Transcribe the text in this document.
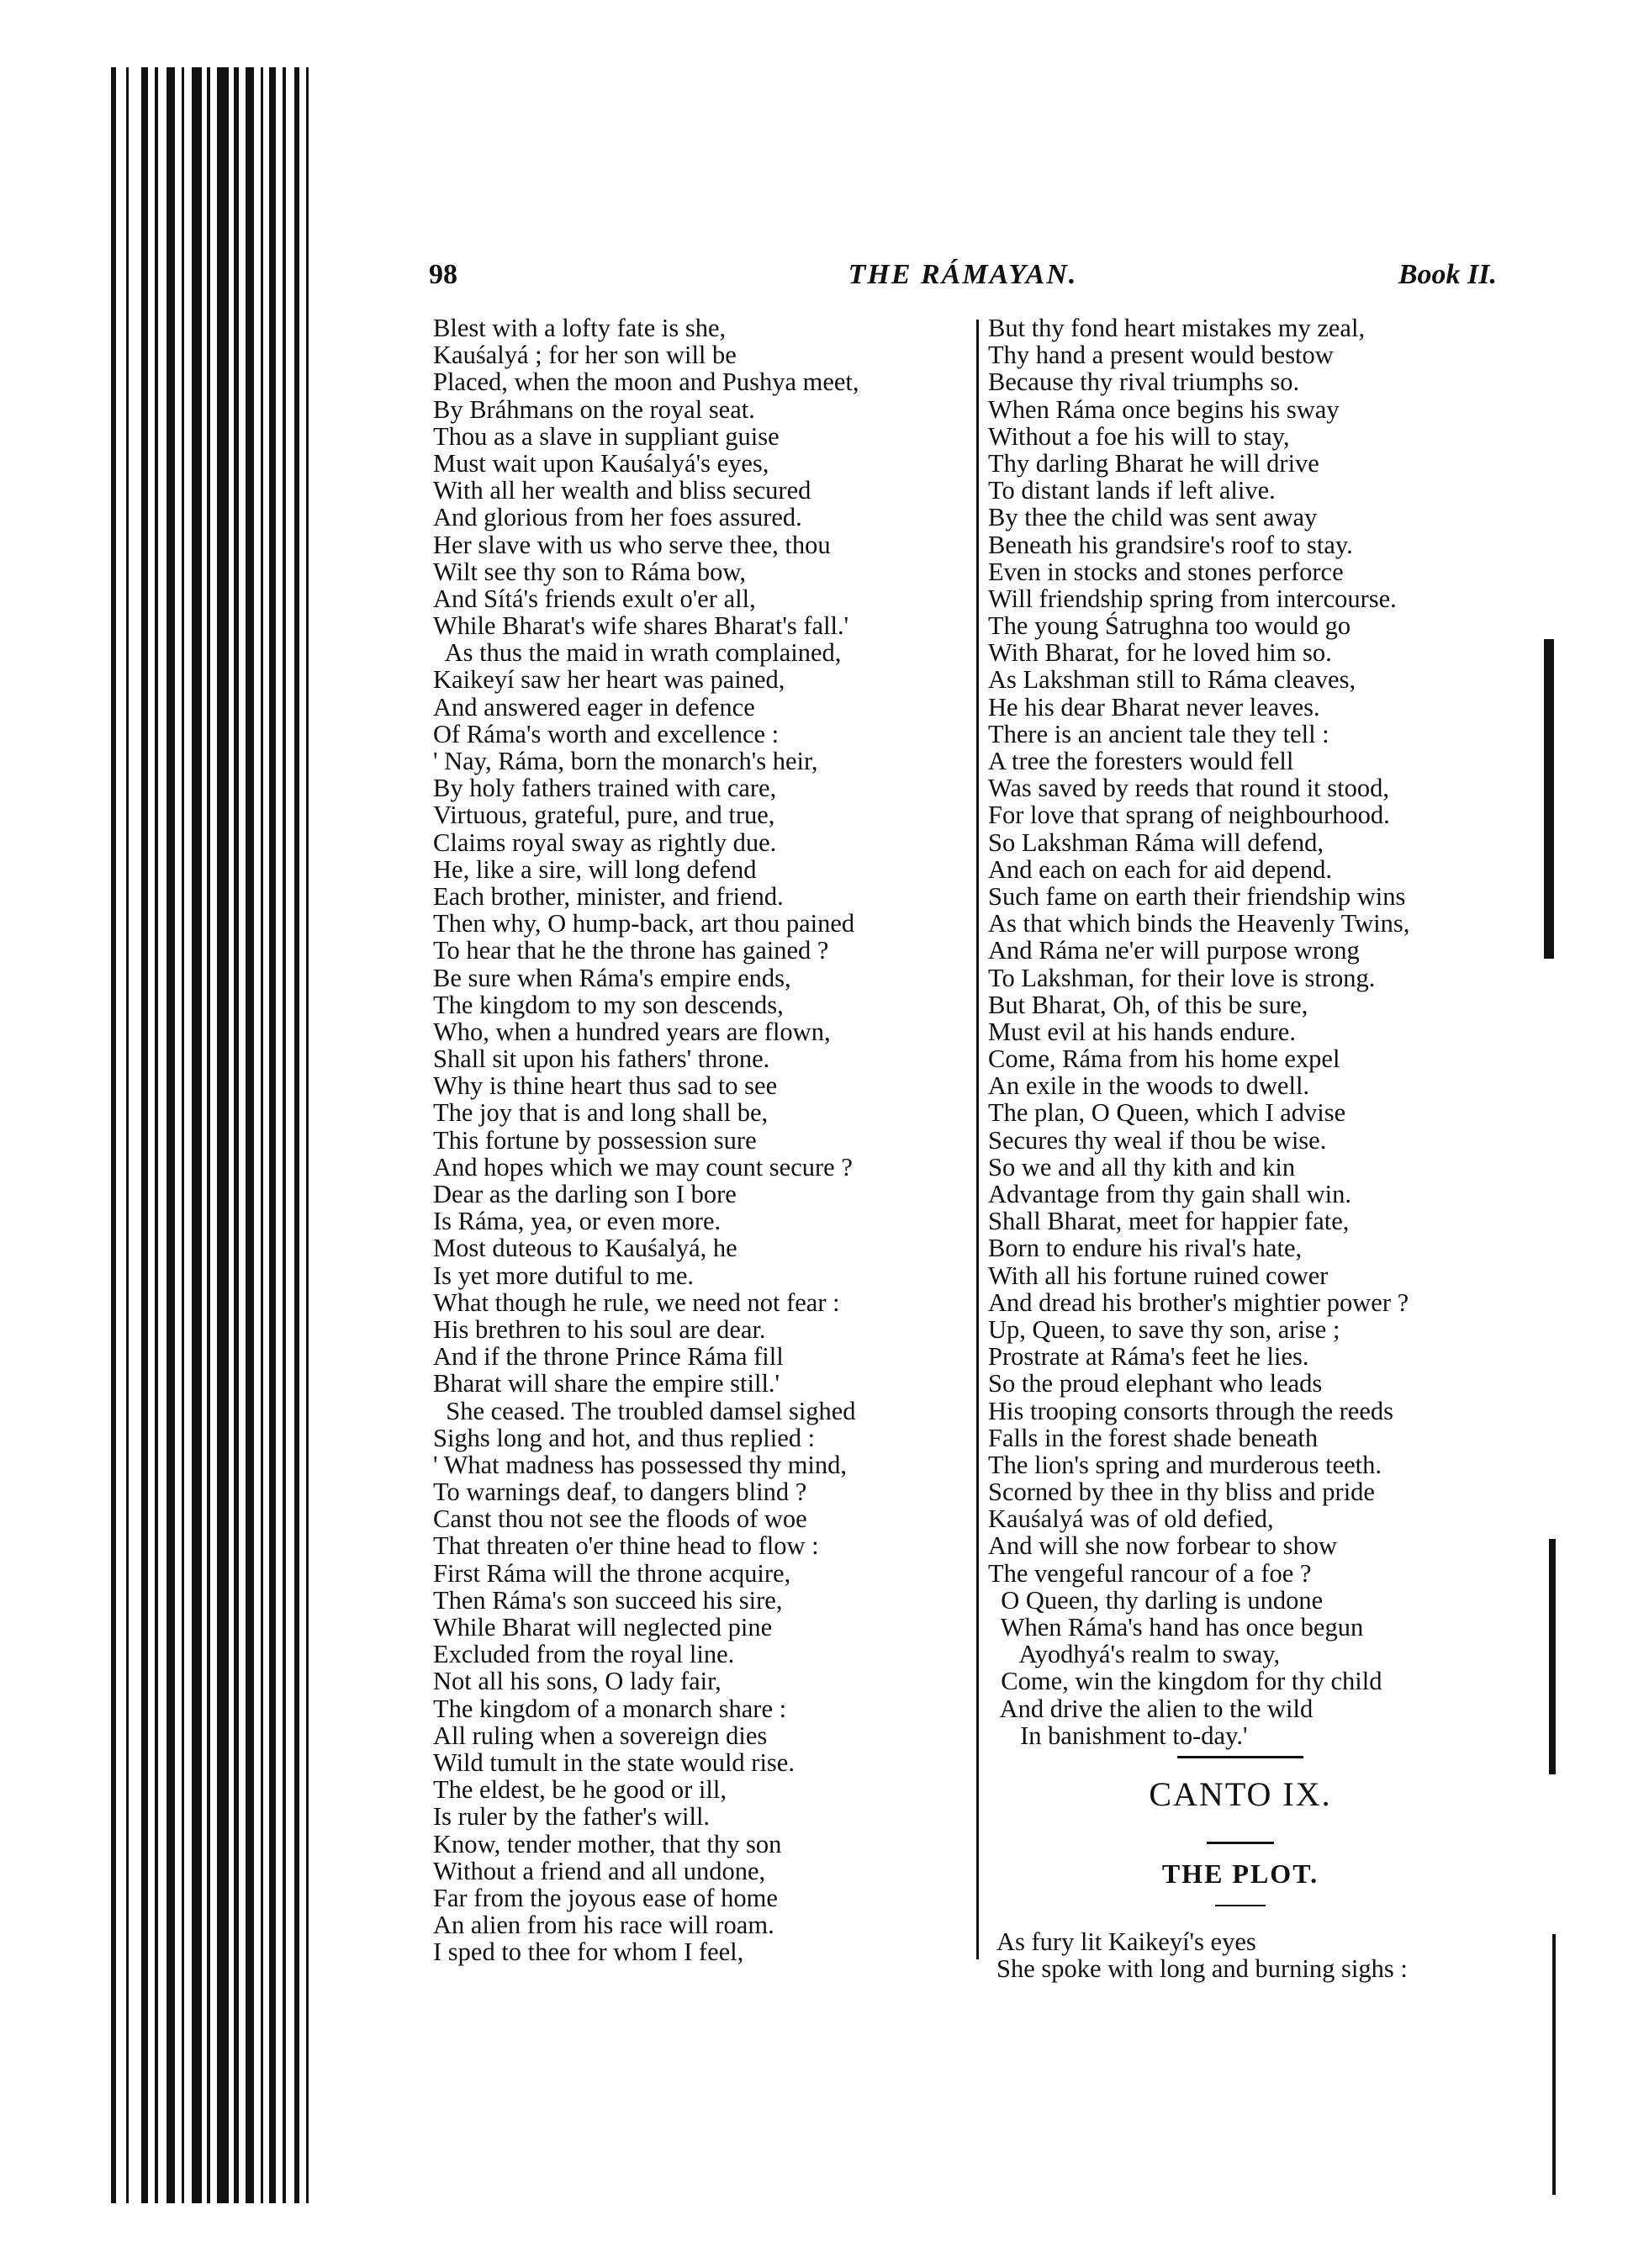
98	THE RÁMAYAN.	Book II.
Blest with a lofty fate is she,
Kauśalyá ; for her son will be
Placed, when the moon and Pushya meet,
By Bráhmans on the royal seat.
Thou as a slave in suppliant guise
Must wait upon Kauśalyá's eyes,
With all her wealth and bliss secured
And glorious from her foes assured.
Her slave with us who serve thee, thou
Wilt see thy son to Ráma bow,
And Sítá's friends exult o'er all,
While Bharat's wife shares Bharat's fall.'
As thus the maid in wrath complained,
Kaikeyí saw her heart was pained,
And answered eager in defence
Of Ráma's worth and excellence :
' Nay, Ráma, born the monarch's heir,
By holy fathers trained with care,
Virtuous, grateful, pure, and true,
Claims royal sway as rightly due.
He, like a sire, will long defend
Each brother, minister, and friend.
Then why, O hump-back, art thou pained
To hear that he the throne has gained ?
Be sure when Ráma's empire ends,
The kingdom to my son descends,
Who, when a hundred years are flown,
Shall sit upon his fathers' throne.
Why is thine heart thus sad to see
The joy that is and long shall be,
This fortune by possession sure
And hopes which we may count secure ?
Dear as the darling son I bore
Is Ráma, yea, or even more.
Most duteous to Kauśalyá, he
Is yet more dutiful to me.
What though he rule, we need not fear :
His brethren to his soul are dear.
And if the throne Prince Ráma fill
Bharat will share the empire still.'
She ceased. The troubled damsel sighed
Sighs long and hot, and thus replied :
' What madness has possessed thy mind,
To warnings deaf, to dangers blind ?
Canst thou not see the floods of woe
That threaten o'er thine head to flow :
First Ráma will the throne acquire,
Then Ráma's son succeed his sire,
While Bharat will neglected pine
Excluded from the royal line.
Not all his sons, O lady fair,
The kingdom of a monarch share :
All ruling when a sovereign dies
Wild tumult in the state would rise.
The eldest, be he good or ill,
Is ruler by the father's will.
Know, tender mother, that thy son
Without a friend and all undone,
Far from the joyous ease of home
An alien from his race will roam.
I sped to thee for whom I feel,
But thy fond heart mistakes my zeal,
Thy hand a present would bestow
Because thy rival triumphs so.
When Ráma once begins his sway
Without a foe his will to stay,
Thy darling Bharat he will drive
To distant lands if left alive.
By thee the child was sent away
Beneath his grandsire's roof to stay.
Even in stocks and stones perforce
Will friendship spring from intercourse.
The young Śatrughna too would go
With Bharat, for he loved him so.
As Lakshman still to Ráma cleaves,
He his dear Bharat never leaves.
There is an ancient tale they tell :
A tree the foresters would fell
Was saved by reeds that round it stood,
For love that sprang of neighbourhood.
So Lakshman Ráma will defend,
And each on each for aid depend.
Such fame on earth their friendship wins
As that which binds the Heavenly Twins,
And Ráma ne'er will purpose wrong
To Lakshman, for their love is strong.
But Bharat, Oh, of this be sure,
Must evil at his hands endure.
Come, Ráma from his home expel
An exile in the woods to dwell.
The plan, O Queen, which I advise
Secures thy weal if thou be wise.
So we and all thy kith and kin
Advantage from thy gain shall win.
Shall Bharat, meet for happier fate,
Born to endure his rival's hate,
With all his fortune ruined cower
And dread his brother's mightier power ?
Up, Queen, to save thy son, arise ;
Prostrate at Ráma's feet he lies.
So the proud elephant who leads
His trooping consorts through the reeds
Falls in the forest shade beneath
The lion's spring and murderous teeth.
Scorned by thee in thy bliss and pride
Kauśalyá was of old defied,
And will she now forbear to show
The vengeful rancour of a foe ?
O Queen, thy darling is undone
When Ráma's hand has once begun
Ayodhyá's realm to sway,
Come, win the kingdom for thy child
And drive the alien to the wild
In banishment to-day.'
CANTO IX.
THE PLOT.
As fury lit Kaikeyí's eyes
She spoke with long and burning sighs :
